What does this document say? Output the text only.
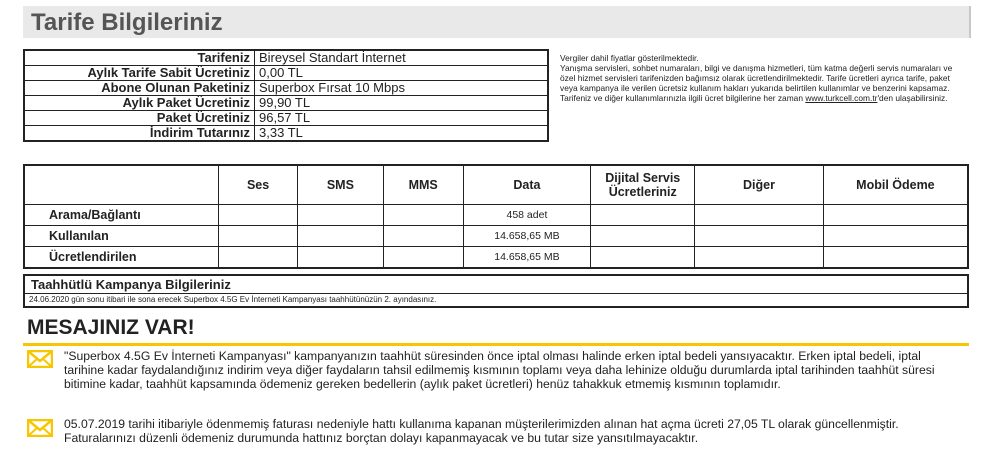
Tarife Bilgileriniz
Tarifeniz	Bireysel Standart İnternet
Aylık Tarife Sabit Ücretiniz	0,00 TL
Abone Olunan Paketiniz	Superbox Fırsat 10 Mbps
Aylık Paket Ücretiniz	99,90 TL
Paket Ücretiniz	96,57 TL
İndirim Tutarınız	3,33 TL

Vergiler dahil fiyatlar gösterilmektedir.

Yanışma servisleri, sohbet numaraları, bilgi ve danışma hizmetleri, tüm katma değerli servis numaraları ve özel hizmet servisleri tarifenizden bağımsız olarak ücretlendirilmektedir. Tarife ücretleri ayrıca tarife, paket veya kampanya ile verilen ücretsiz kullanım hakları yukarıda belirtilen kullanımlar ve benzerini kapsamaz.

Tarifeniz ve diğer kullanımlarınızla ilgili ücret bilgilerine her zaman www.turkcell.com.tr'den ulaşabilirsiniz.

	Ses	SMS	MMS	Data	Dijital Servis Ücretleriniz	Diğer	Mobil Ödeme
Arama/Bağlantı				458 adet			
Kullanılan				14.658,65 MB			
Ücretlendirilen				14.658,65 MB			
Taahhütlü Kampanya Bilgileriniz
24.06.2020 gün sonu itibari ile sona erecek Superbox 4.5G Ev İnterneti Kampanyası taahhütünüzün 2. ayındasınız.
MESAJINIZ VAR!
"Superbox 4.5G Ev İnterneti Kampanyası" kampanyanızın taahhüt süresinden önce iptal olması halinde erken iptal bedeli yansıyacaktır. Erken iptal bedeli, iptal tarihine kadar faydalandığınız indirim veya diğer faydaların tahsil edilmemiş kısmının toplamı veya daha lehinize olduğu durumlarda iptal tarihinden taahhüt süresi bitimine kadar, taahhüt kapsamında ödemeniz gereken bedellerin (aylık paket ücretleri) henüz tahakkuk etmemiş kısmının toplamıdır.
05.07.2019 tarihi itibariyle ödenmemiş faturası nedeniyle hattı kullanıma kapanan müşterilerimizden alınan hat açma ücreti 27,05 TL olarak güncellenmiştir. Faturalarınızı düzenli ödemeniz durumunda hattınız borçtan dolayı kapanmayacak ve bu tutar size yansıtılmayacaktır.
